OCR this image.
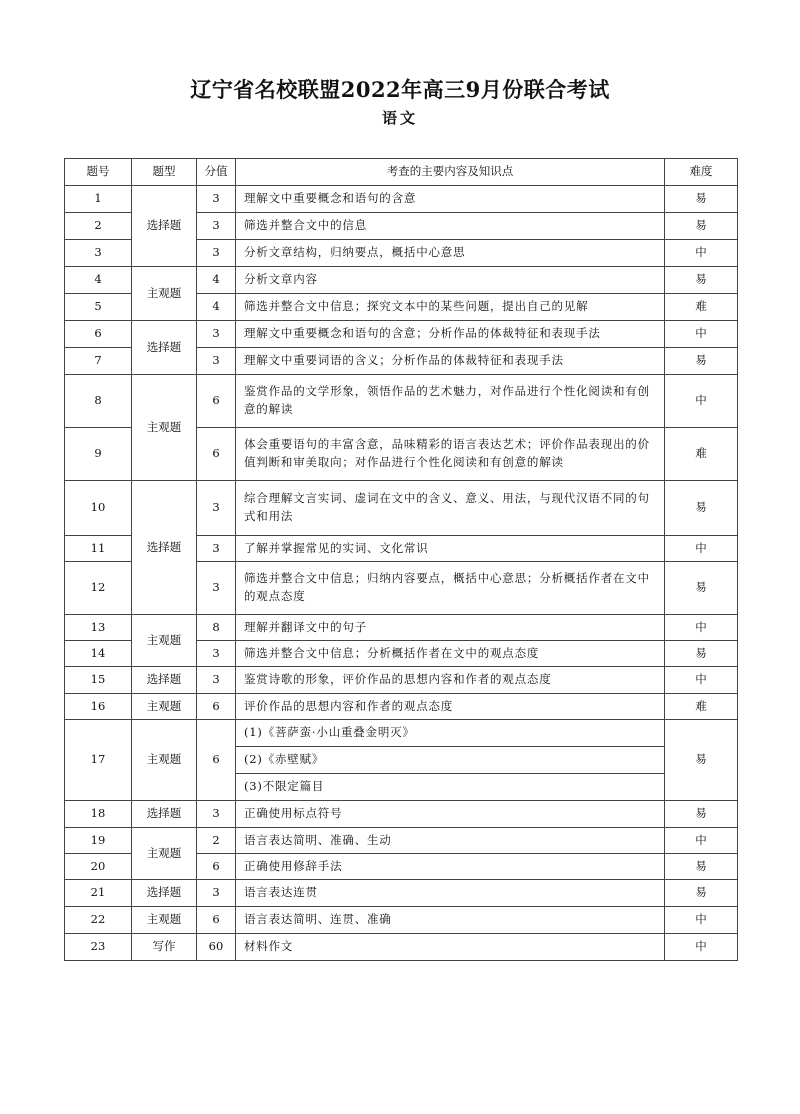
辽宁省名校联盟2022年高三9月份联合考试
语文
题号	题型	分值	考查的主要内容及知识点	难度
1	选择题	3	理解文中重要概念和语句的含意	易
2		3	筛选并整合文中的信息	易
3		3	分析文章结构，归纳要点，概括中心意思	中
4	主观题	4	分析文章内容	易
5		4	筛选并整合文中信息；探究文本中的某些问题，提出自己的见解	难
6	选择题	3	理解文中重要概念和语句的含意；分析作品的体裁特征和表现手法	中
7		3	理解文中重要词语的含义；分析作品的体裁特征和表现手法	易
8	主观题	6	鉴赏作品的文学形象，领悟作品的艺术魅力，对作品进行个性化阅读和有创意的解读	中
9		6	体会重要语句的丰富含意，品味精彩的语言表达艺术；评价作品表现出的价值判断和审美取向；对作品进行个性化阅读和有创意的解读	难
10	选择题	3	综合理解文言实词、虚词在文中的含义、意义、用法，与现代汉语不同的句式和用法	易
11		3	了解并掌握常见的实词、文化常识	中
12		3	筛选并整合文中信息；归纳内容要点，概括中心意思；分析概括作者在文中的观点态度	易
13	主观题	8	理解并翻译文中的句子	中
14		3	筛选并整合文中信息；分析概括作者在文中的观点态度	易
15	选择题	3	鉴赏诗歌的形象，评价作品的思想内容和作者的观点态度	中
16	主观题	6	评价作品的思想内容和作者的观点态度	难
17	主观题	6	(1)《菩萨蛮·小山重叠金明灭》	易
			(2)《赤壁赋》	
			(3)不限定篇目	
18	选择题	3	正确使用标点符号	易
19	主观题	2	语言表达简明、准确、生动	中
20		6	正确使用修辞手法	易
21	选择题	3	语言表达连贯	易
22	主观题	6	语言表达简明、连贯、准确	中
23	写作	60	材料作文	中
